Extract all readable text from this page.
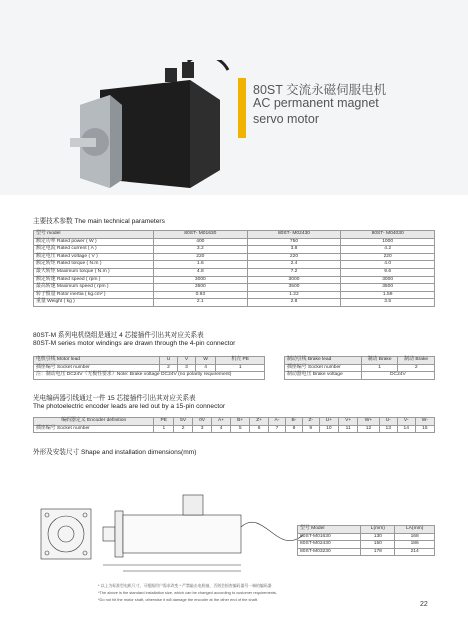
80ST 交流永磁伺服电机
AC permanent magnet
servo motor
主要技术参数 The main technical parameters
型号 model	80ST- M01630	80ST- M02430	80ST- M04030
额定功率 Rated power ( W )	400	750	1000
额定电流 Rated current ( A )	3.2	3.8	4.2
额定电压 Rated voltage ( V )	220	220	220
额定转矩 Rated torque ( N.m )	1.6	2.4	4.0
最大转矩 Maximum torque ( N.m )	4.8	7.2	9.6
额定转速 Rated speed ( rpm )	3000	3000	3000
最高转速 Maximum speed ( rpm )	3500	3500	3500
转子惯量 Rotor inertia ( kg.cm² )	0.93	1.22	1.59
重量 Weight ( kg )	2.1	2.8	3.5
80ST-M 系列电机绕组是通过 4 芯接插件引出其对应关系表
80ST-M series motor windings are drawn through the 4-pin connector
电机引线 Motor lead	U	V	W	机壳 PE
插座编号 Socket number	2	3	4	1
注：制动电压 DC24V（无极性要求）Note: Brake voltage DC24V (no polarity requirement)				
制动引线 Brake lead	制动 Brake	制动 Brake
插座编号 Socket number	1	2
制动器电压 Brake voltage	DC24V	
光电编码器引线通过一件 15 芯接插件引出其对应关系表
The photoelectric encoder leads are led out by a 15-pin connector
编码器定义 Encoder definition	PE	5V	0V	A+	B+	Z+	A-	B-	Z-	U+	V+	W+	U-	V-	W-
插座编号 Socket number	1	2	3	4	5	6	7	8	9	10	11	12	13	14	15
外形及安装尺寸 Shape and installation dimensions(mm)
型号 Model	L(mm)	LA(mm)
80ST-M01630	130	168
80ST-M02430	150	186
80ST-M03230	178	214
* 以上为标准型电机尺寸，可根据用户需求改变 * 严禁敲击电机轴，否则会损害编码器另一端的编码器
*The above is the standard installation size, which can be changed according to customer requirements.
*Do not hit the motor shaft, otherwise it will damage the encoder at the other end of the shaft.
22
